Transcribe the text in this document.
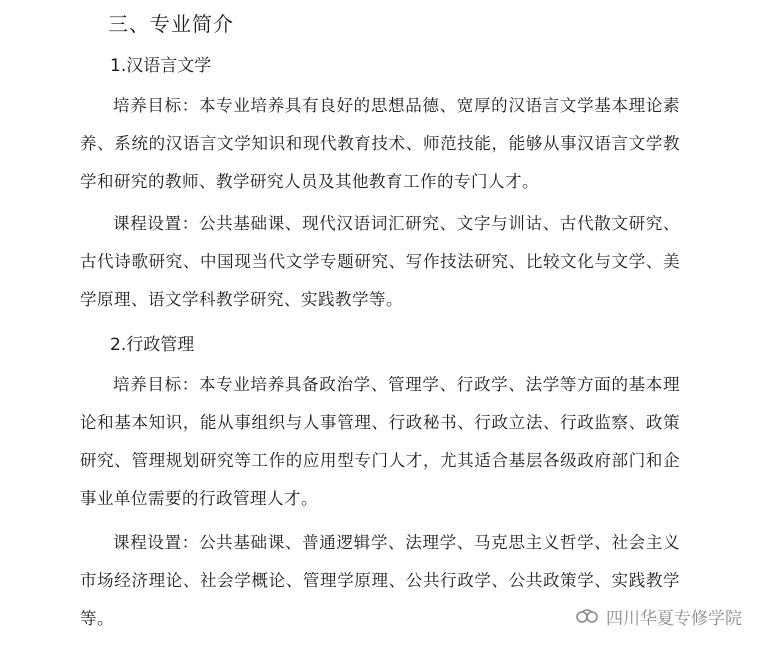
三、专业简介
1.汉语言文学

培养目标：本专业培养具有良好的思想品德、宽厚的汉语言文学基本理论素养、系统的汉语言文学知识和现代教育技术、师范技能，能够从事汉语言文学教学和研究的教师、教学研究人员及其他教育工作的专门人才。

课程设置：公共基础课、现代汉语词汇研究、文字与训诂、古代散文研究、古代诗歌研究、中国现当代文学专题研究、写作技法研究、比较文化与文学、美学原理、语文学科教学研究、实践教学等。

2.行政管理

培养目标：本专业培养具备政治学、管理学、行政学、法学等方面的基本理论和基本知识，能从事组织与人事管理、行政秘书、行政立法、行政监察、政策研究、管理规划研究等工作的应用型专门人才，尤其适合基层各级政府部门和企事业单位需要的行政管理人才。

课程设置：公共基础课、普通逻辑学、法理学、马克思主义哲学、社会主义市场经济理论、社会学概论、管理学原理、公共行政学、公共政策学、实践教学等。	四川华夏专修学院
